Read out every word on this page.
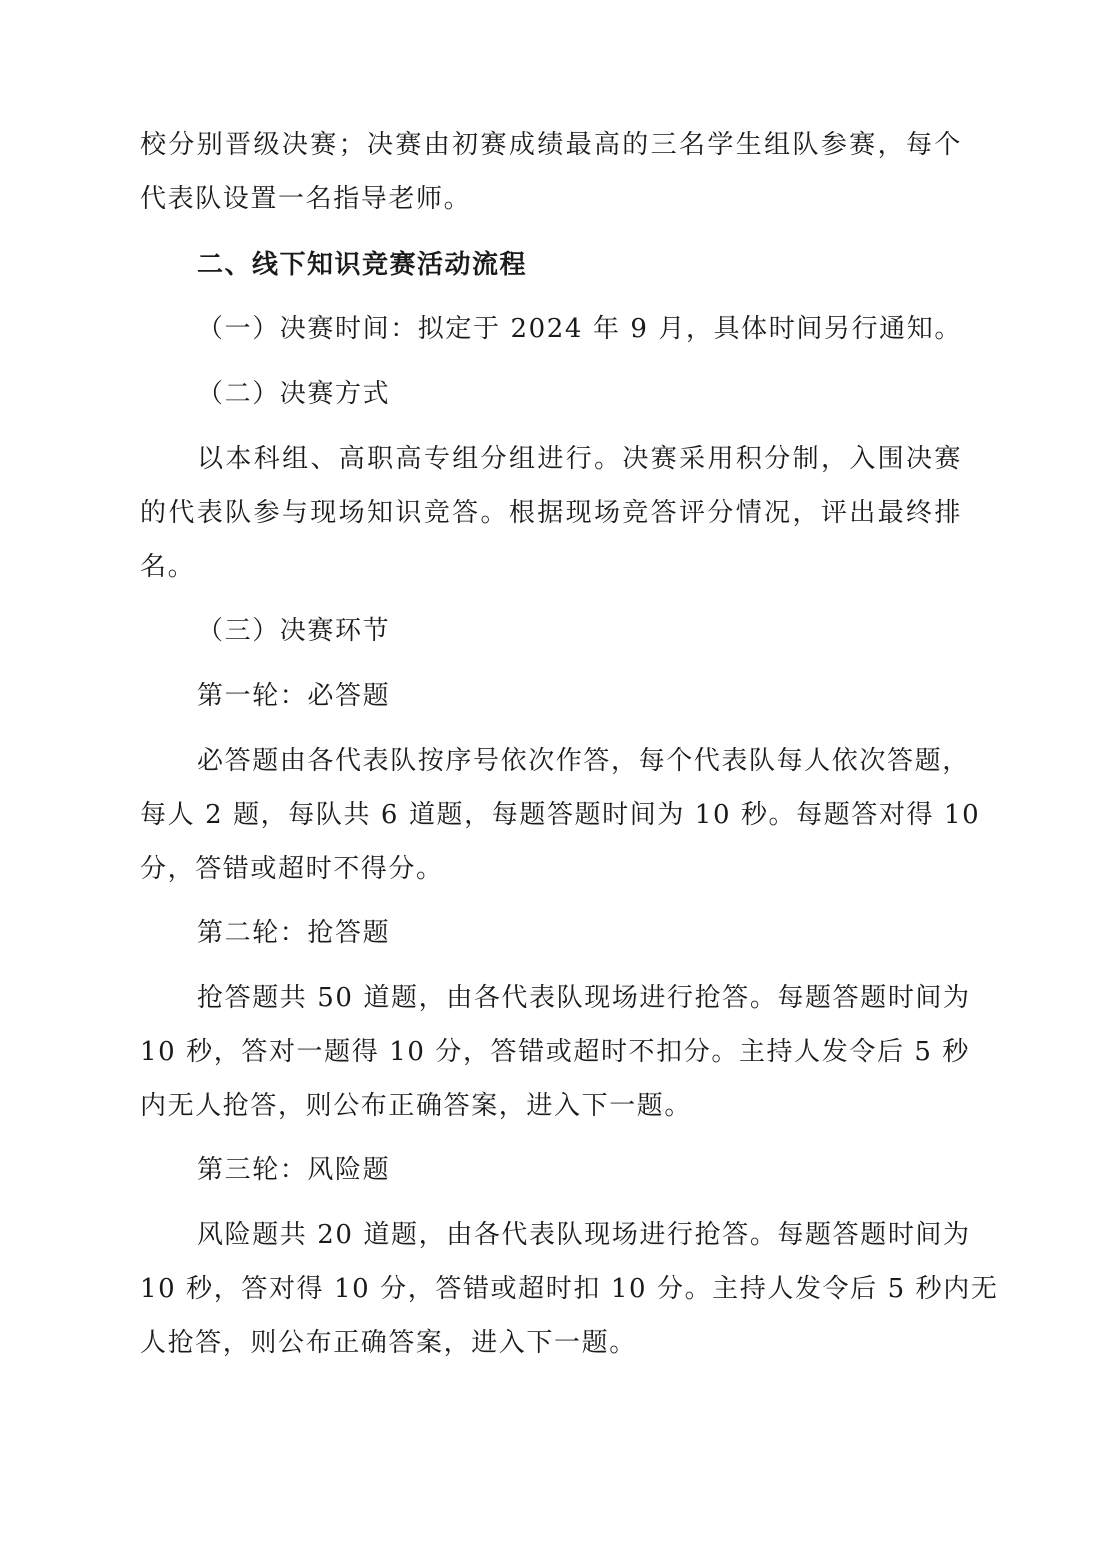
校分别晋级决赛；决赛由初赛成绩最高的三名学生组队参赛，每个
代表队设置一名指导老师。
二、线下知识竞赛活动流程
（一）决赛时间：拟定于 2024 年 9 月，具体时间另行通知。
（二）决赛方式
以本科组、高职高专组分组进行。决赛采用积分制，入围决赛
的代表队参与现场知识竞答。根据现场竞答评分情况，评出最终排
名。
（三）决赛环节
第一轮：必答题
必答题由各代表队按序号依次作答，每个代表队每人依次答题，
每人 2 题，每队共 6 道题，每题答题时间为 10 秒。每题答对得 10
分，答错或超时不得分。
第二轮：抢答题
抢答题共 50 道题，由各代表队现场进行抢答。每题答题时间为
10 秒，答对一题得 10 分，答错或超时不扣分。主持人发令后 5 秒
内无人抢答，则公布正确答案，进入下一题。
第三轮：风险题
风险题共 20 道题，由各代表队现场进行抢答。每题答题时间为
10 秒，答对得 10 分，答错或超时扣 10 分。主持人发令后 5 秒内无
人抢答，则公布正确答案，进入下一题。
